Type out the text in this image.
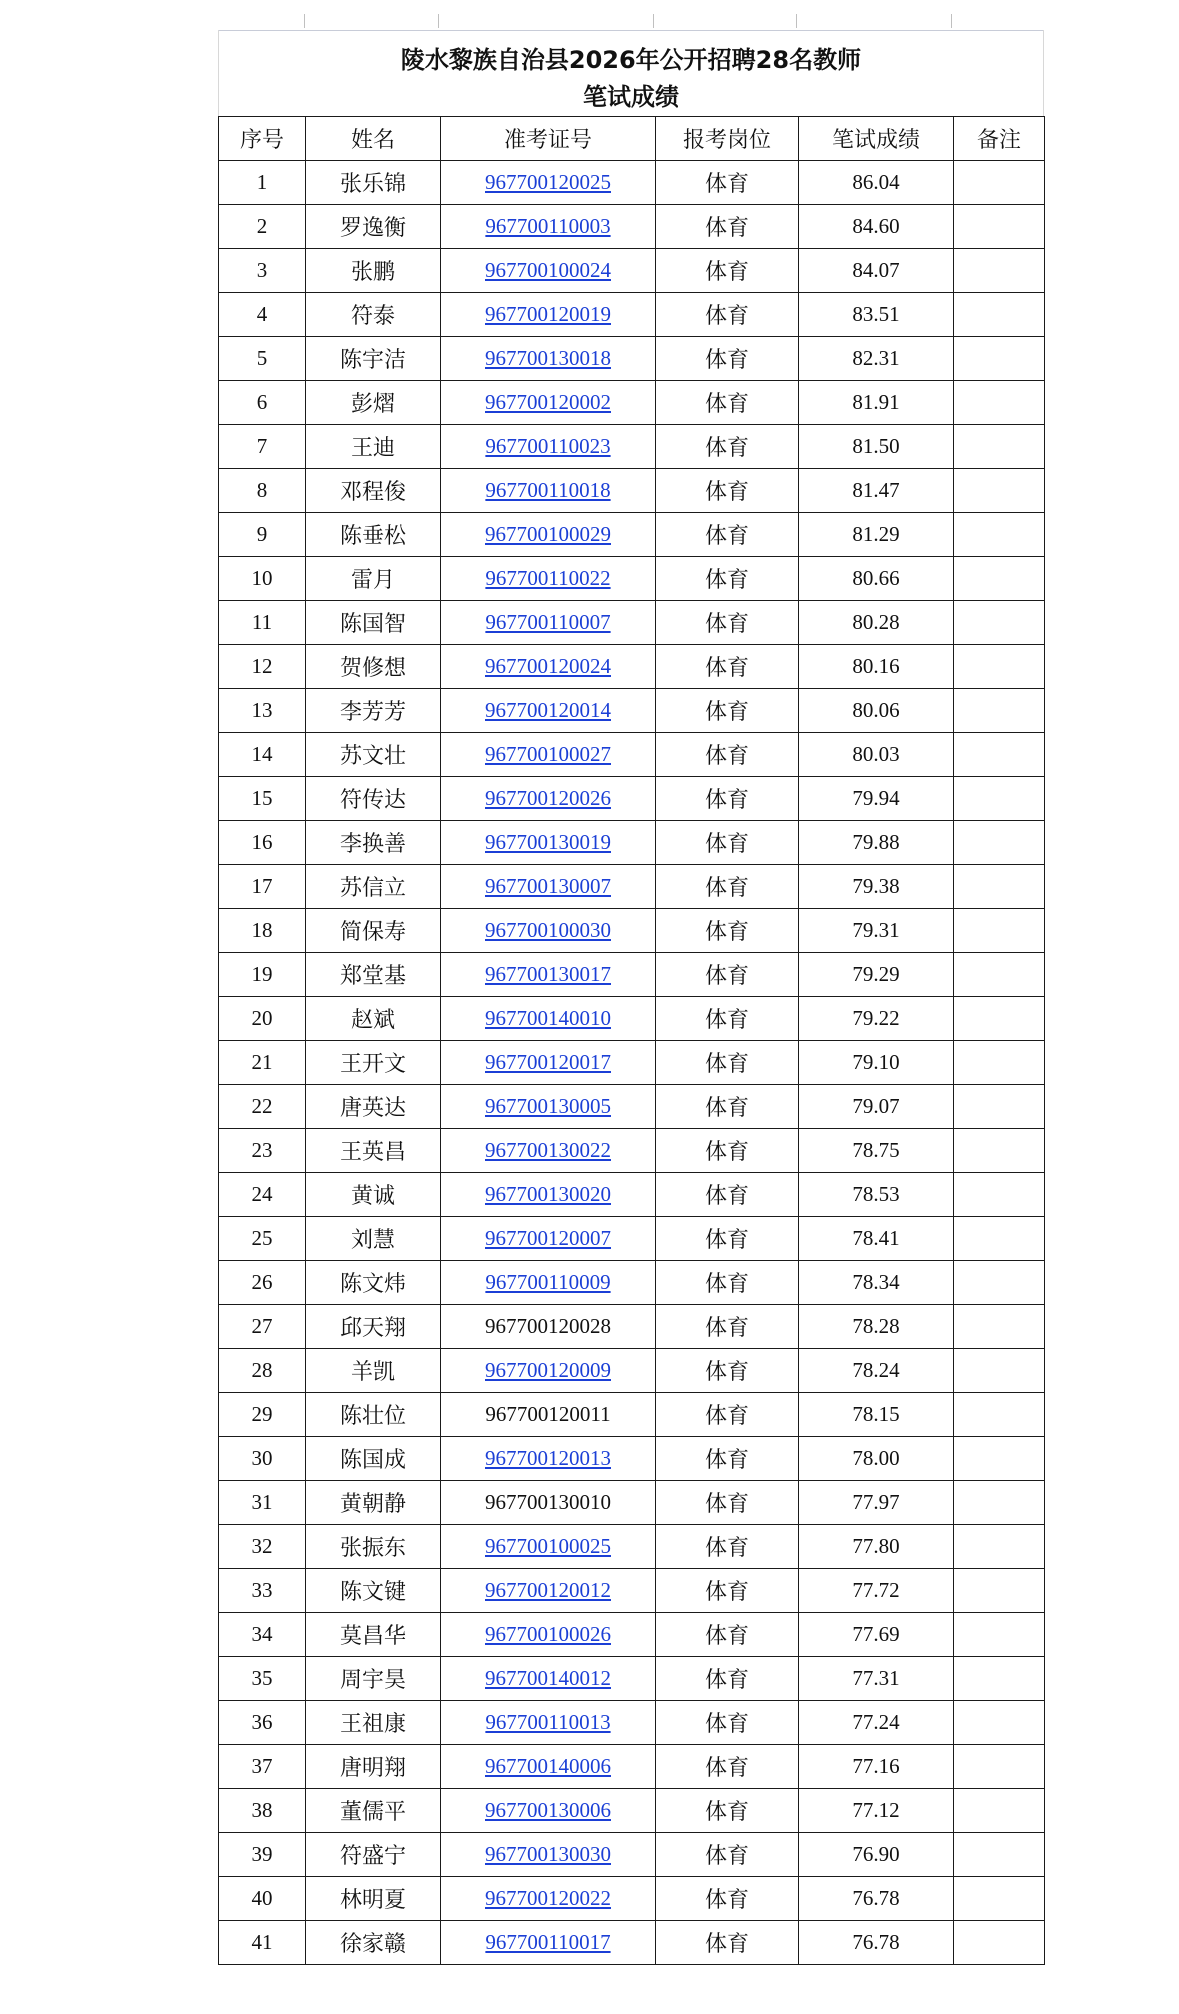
陵水黎族自治县2026年公开招聘28名教师
笔试成绩
序号	姓名	准考证号	报考岗位	笔试成绩	备注
1	张乐锦	967700120025	体育	86.04	
2	罗逸衡	967700110003	体育	84.60	
3	张鹏	967700100024	体育	84.07	
4	符泰	967700120019	体育	83.51	
5	陈宇洁	967700130018	体育	82.31	
6	彭熠	967700120002	体育	81.91	
7	王迪	967700110023	体育	81.50	
8	邓程俊	967700110018	体育	81.47	
9	陈垂松	967700100029	体育	81.29	
10	雷月	967700110022	体育	80.66	
11	陈国智	967700110007	体育	80.28	
12	贺修想	967700120024	体育	80.16	
13	李芳芳	967700120014	体育	80.06	
14	苏文壮	967700100027	体育	80.03	
15	符传达	967700120026	体育	79.94	
16	李换善	967700130019	体育	79.88	
17	苏信立	967700130007	体育	79.38	
18	简保寿	967700100030	体育	79.31	
19	郑堂基	967700130017	体育	79.29	
20	赵斌	967700140010	体育	79.22	
21	王开文	967700120017	体育	79.10	
22	唐英达	967700130005	体育	79.07	
23	王英昌	967700130022	体育	78.75	
24	黄诚	967700130020	体育	78.53	
25	刘慧	967700120007	体育	78.41	
26	陈文炜	967700110009	体育	78.34	
27	邱天翔	967700120028	体育	78.28	
28	羊凯	967700120009	体育	78.24	
29	陈壮位	967700120011	体育	78.15	
30	陈国成	967700120013	体育	78.00	
31	黄朝静	967700130010	体育	77.97	
32	张振东	967700100025	体育	77.80	
33	陈文键	967700120012	体育	77.72	
34	莫昌华	967700100026	体育	77.69	
35	周宇昊	967700140012	体育	77.31	
36	王祖康	967700110013	体育	77.24	
37	唐明翔	967700140006	体育	77.16	
38	董儒平	967700130006	体育	77.12	
39	符盛宁	967700130030	体育	76.90	
40	林明夏	967700120022	体育	76.78	
41	徐家赣	967700110017	体育	76.78	
